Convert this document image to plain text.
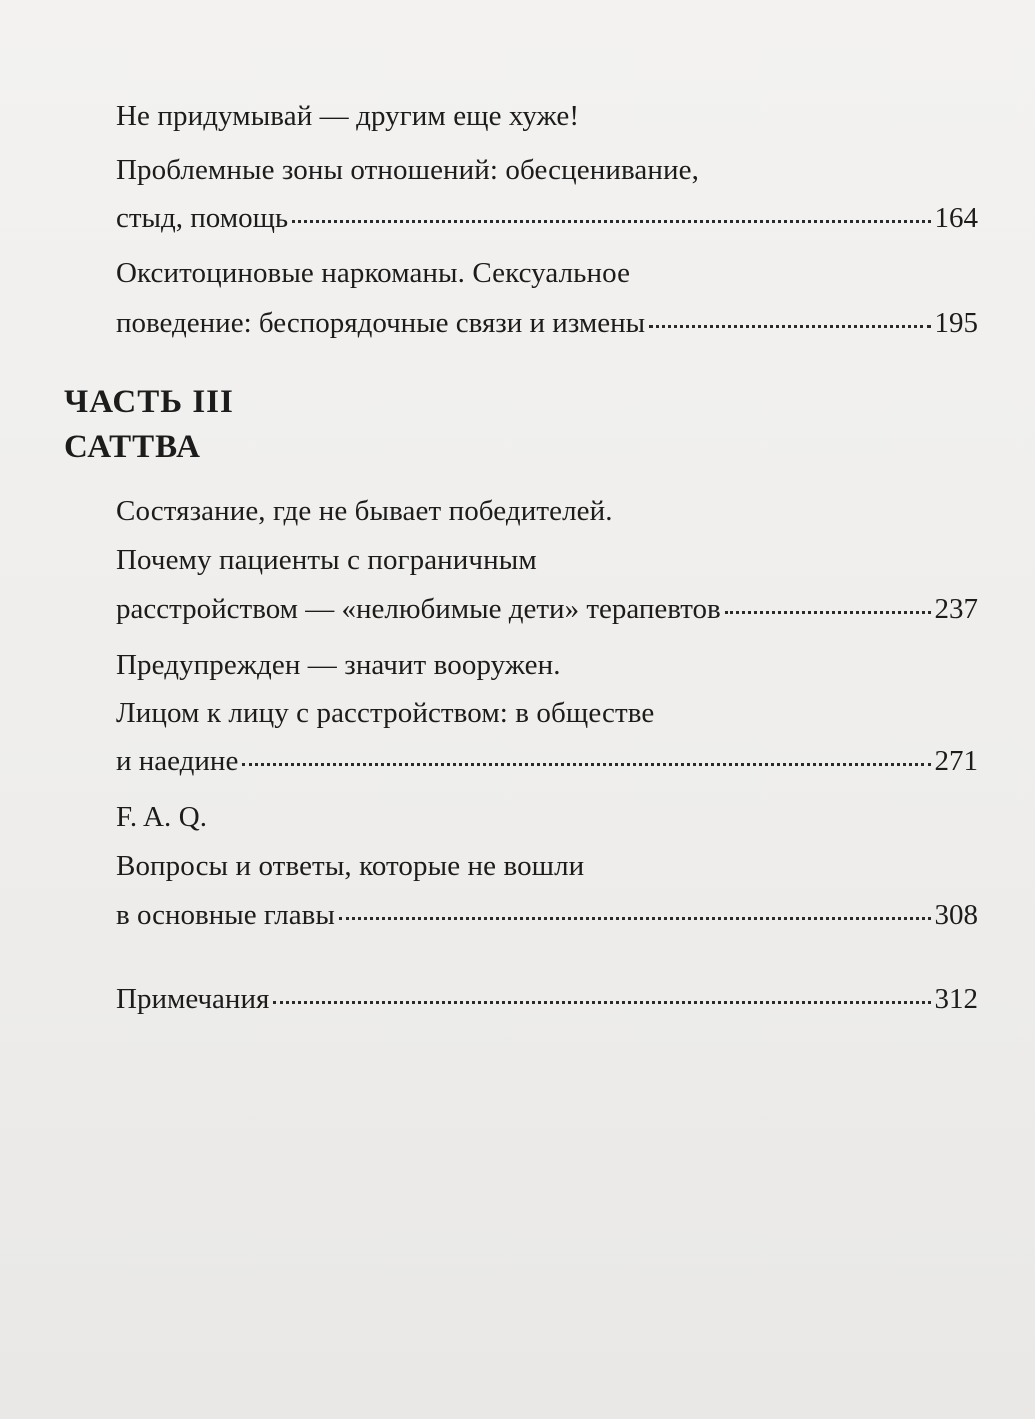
Не придумывай — другим еще хуже!
Проблемные зоны отношений: обесценивание,
стыд, помощь	164
Окситоциновые наркоманы. Сексуальное
поведение: беспорядочные связи и измены	195
ЧАСТЬ III
САТТВА
Состязание, где не бывает победителей.
Почему пациенты с пограничным
расстройством — «нелюбимые дети» терапевтов	237
Предупрежден — значит вооружен.
Лицом к лицу с расстройством: в обществе
и наедине	271
F. A. Q.
Вопросы и ответы, которые не вошли
в основные главы	308
Примечания	312
